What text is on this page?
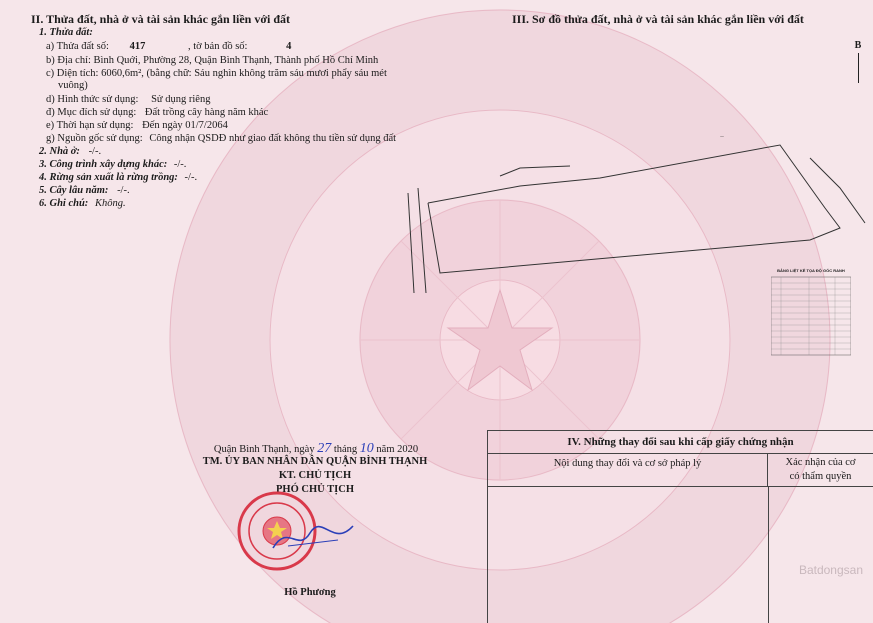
II. Thửa đất, nhà ở và tài sản khác gắn liền với đất
1. Thửa đất:
a) Thửa đất số: 417	, tờ bản đồ số:	4
b) Địa chỉ: Bình Quới, Phường 28, Quận Bình Thạnh, Thành phố Hồ Chí Minh
c) Diện tích: 6060,6m², (bằng chữ: Sáu nghìn không trăm sáu mươi phẩy sáu mét
vuông)
d) Hình thức sử dụng: Sử dụng riêng
đ) Mục đích sử dụng: Đất trồng cây hàng năm khác
e) Thời hạn sử dụng: Đến ngày 01/7/2064
g) Nguồn gốc sử dụng: Công nhận QSDĐ như giao đất không thu tiền sử dụng đất
2. Nhà ở: -/-.
3. Công trình xây dựng khác: -/-.
4. Rừng sản xuất là rừng trồng: -/-.
5. Cây lâu năm: -/-.
6. Ghi chú: Không.
III. Sơ đồ thửa đất, nhà ở và tài sản khác gắn liền với đất
B
—
BẢNG LIỆT KÊ TỌA ĐỘ GÓC RANH
Quận Bình Thạnh, ngày 27 tháng 10 năm 2020
TM. ỦY BAN NHÂN DÂN QUẬN BÌNH THẠNH
KT. CHỦ TỊCH
PHÓ CHỦ TỊCH
Hồ Phương
IV. Những thay đổi sau khi cấp giấy chứng nhận
Nội dung thay đổi và cơ sở pháp lý	Xác nhận của cơ
có thẩm quyền
Batdongsan
